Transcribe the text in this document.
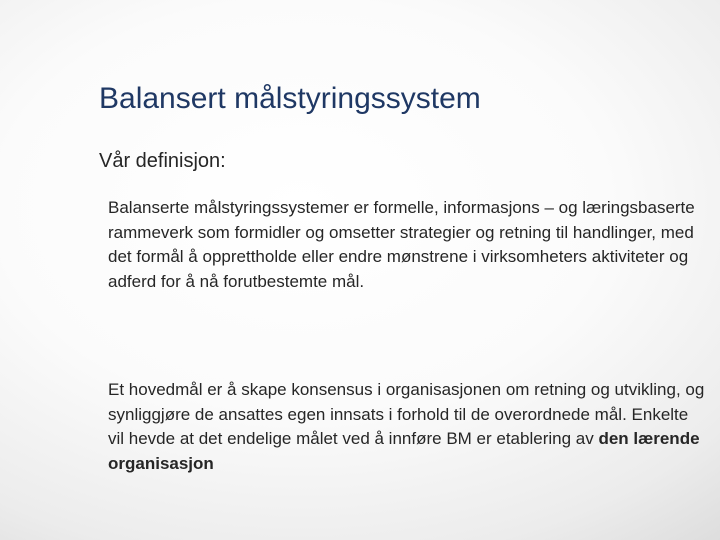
Balansert målstyringssystem

Vår definisjon:

Balanserte målstyringssystemer er formelle, informasjons – og læringsbaserte rammeverk som formidler og omsetter strategier og retning til handlinger, med det formål å opprettholde eller endre mønstrene i virksomheters aktiviteter og adferd for å nå forutbestemte mål.

Et hovedmål er å skape konsensus i organisasjonen om retning og utvikling, og synliggjøre de ansattes egen innsats i forhold til de overordnede mål. Enkelte vil hevde at det endelige målet ved å innføre BM er etablering av den lærende organisasjon
